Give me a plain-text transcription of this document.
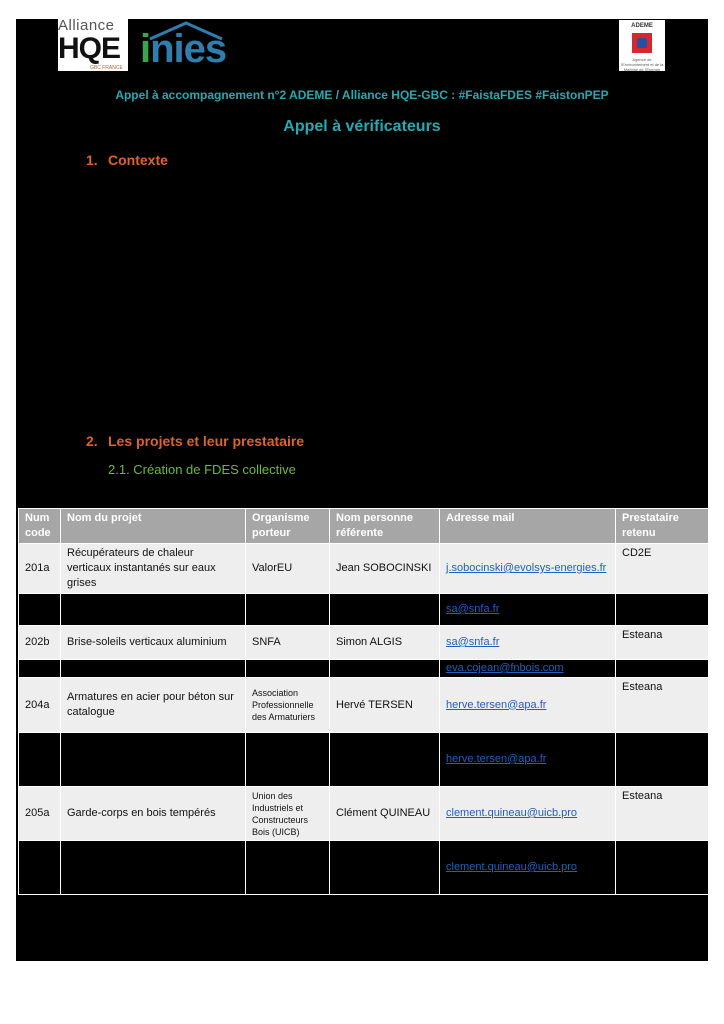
Alliance
HQE
GBC FRANCE inies
ADEME
Agence de l'Environnement et de la Maîtrise de l'Energie
Appel à accompagnement n°2 ADEME / Alliance HQE-GBC : #FaistaFDES #FaistonPEP
Appel à vérificateurs
1. Contexte
2. Les projets et leur prestataire
2.1. Création de FDES collective
Num code	Nom du projet	Organisme porteur	Nom personne référente	Adresse mail	Prestataire retenu
201a	Récupérateurs de chaleur verticaux instantanés sur eaux grises	ValorEU	Jean SOBOCINSKI	j.sobocinski@evolsys-energies.fr	CD2E
				sa@snfa.fr	
202b	Brise-soleils verticaux aluminium	SNFA	Simon ALGIS	sa@snfa.fr	Esteana
				eva.cojean@fnbois.com	
204a	Armatures en acier pour béton sur catalogue	Association Professionnelle des Armaturiers	Hervé TERSEN	herve.tersen@apa.fr	Esteana
				herve.tersen@apa.fr	
205a	Garde-corps en bois tempérés	Union des Industriels et Constructeurs Bois (UICB)	Clément QUINEAU	clement.quineau@uicb.pro	Esteana
				clement.quineau@uicb.pro	
